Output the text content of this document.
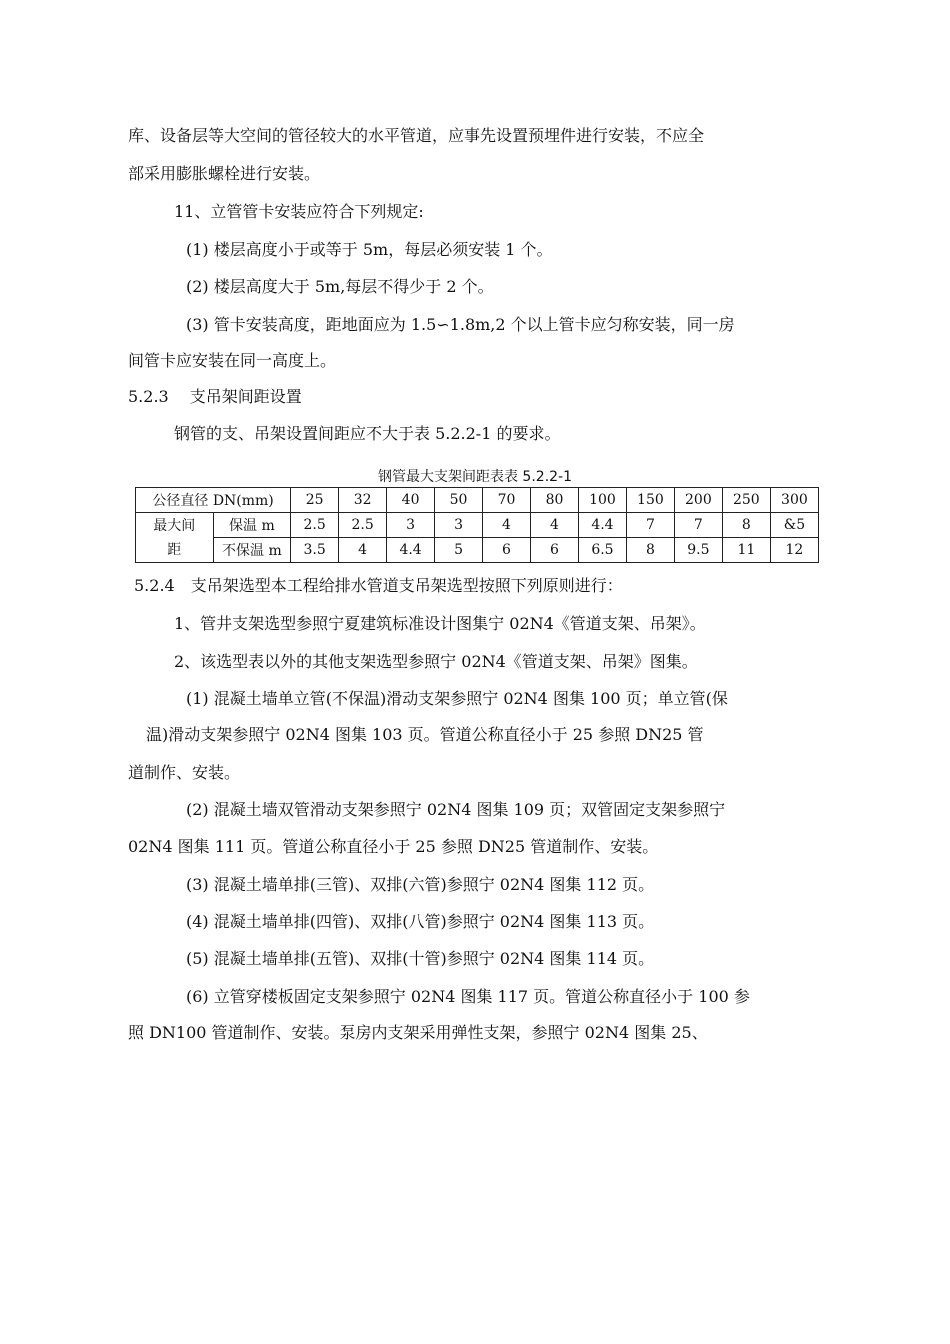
库、设备层等大空间的管径较大的水平管道，应事先设置预埋件进行安装，不应全
部采用膨胀螺栓进行安装。
11、立管管卡安装应符合下列规定:
(1) 楼层高度小于或等于 5m，每层必须安装 1 个。
(2) 楼层高度大于 5m,每层不得少于 2 个。
(3) 管卡安装高度，距地面应为 1.5∽1.8m,2 个以上管卡应匀称安装，同一房
间管卡应安装在同一高度上。
5.2.3　 支吊架间距设置
钢管的支、吊架设置间距应不大于表 5.2.2-1 的要求。
钢管最大支架间距表表 5.2.2-1
公径直径 DN(mm)		25	32	40	50	70	80	100	150	200	250	300
最大间
距	保温 m	2.5	2.5	3	3	4	4	4.4	7	7	8	&5
	不保温 m	3.5	4	4.4	5	6	6	6.5	8	9.5	11	12
5.2.4　支吊架选型本工程给排水管道支吊架选型按照下列原则进行：
1、管井支架选型参照宁夏建筑标准设计图集宁 02N4《管道支架、吊架》。
2、该选型表以外的其他支架选型参照宁 02N4《管道支架、吊架》图集。
(1) 混凝土墙单立管(不保温)滑动支架参照宁 02N4 图集 100 页；单立管(保
温)滑动支架参照宁 02N4 图集 103 页。管道公称直径小于 25 参照 DN25 管
道制作、安装。
(2) 混凝土墙双管滑动支架参照宁 02N4 图集 109 页；双管固定支架参照宁
02N4 图集 111 页。管道公称直径小于 25 参照 DN25 管道制作、安装。
(3) 混凝土墙单排(三管)、双排(六管)参照宁 02N4 图集 112 页。
(4) 混凝土墙单排(四管)、双排(八管)参照宁 02N4 图集 113 页。
(5) 混凝土墙单排(五管)、双排(十管)参照宁 02N4 图集 114 页。
(6) 立管穿楼板固定支架参照宁 02N4 图集 117 页。管道公称直径小于 100 参
照 DN100 管道制作、安装。泵房内支架采用弹性支架，参照宁 02N4 图集 25、
